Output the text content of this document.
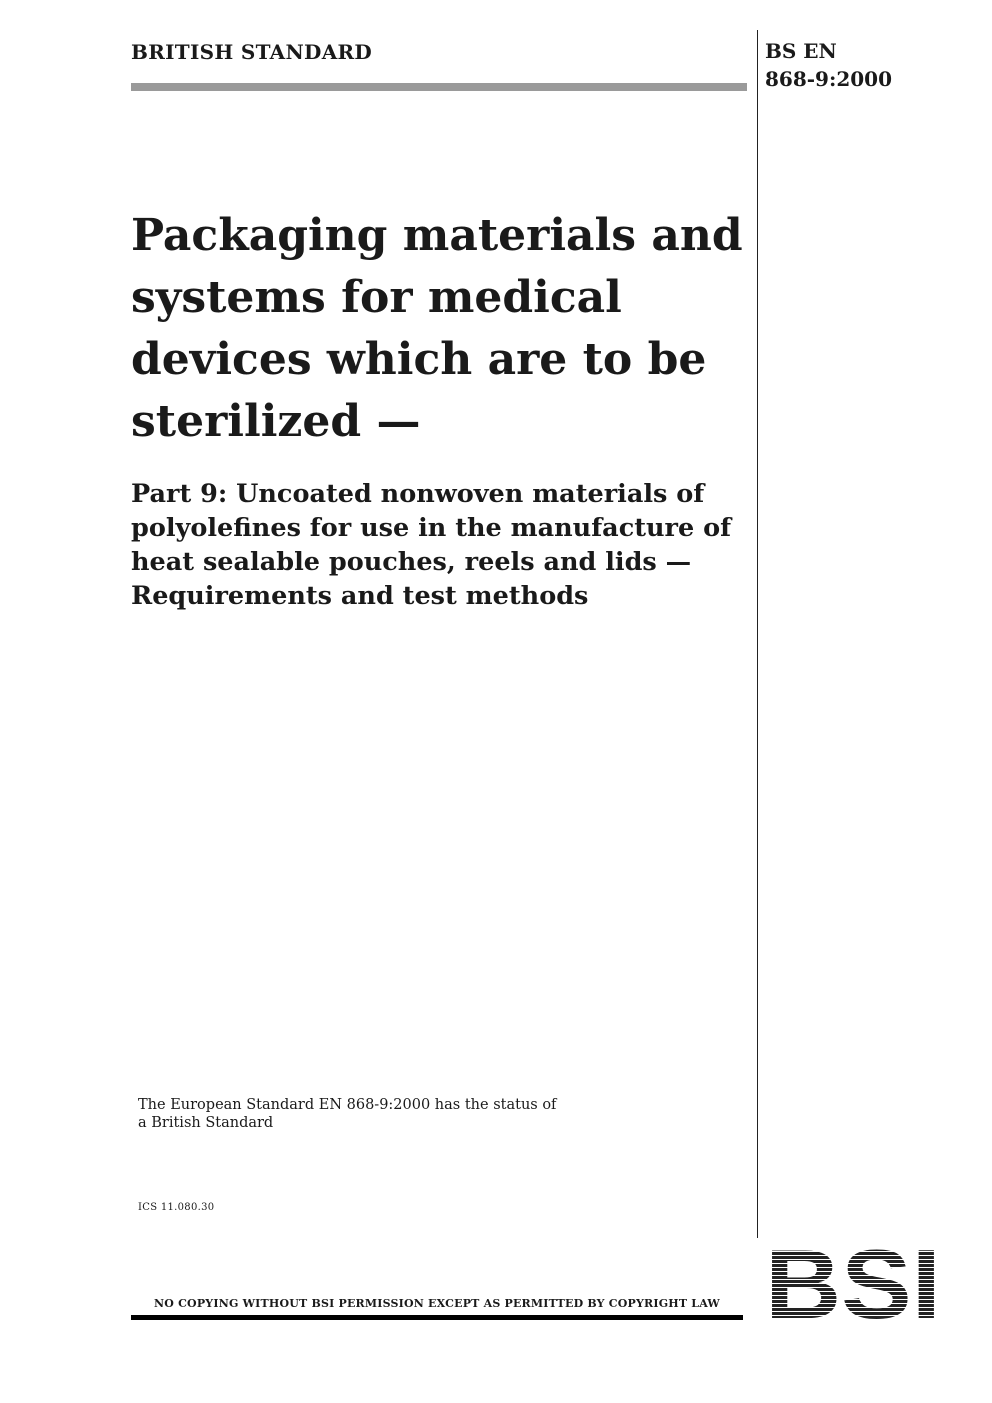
BRITISH STANDARD	BS EN
868-9:2000
Packaging materials and systems for medical devices which are to be sterilized —
Part 9: Uncoated nonwoven materials of polyolefines for use in the manufacture of heat sealable pouches, reels and lids — Requirements and test methods
The European Standard EN 868-9:2000 has the status of a British Standard
ICS 11.080.30
NO COPYING WITHOUT BSI PERMISSION EXCEPT AS PERMITTED BY COPYRIGHT LAW
